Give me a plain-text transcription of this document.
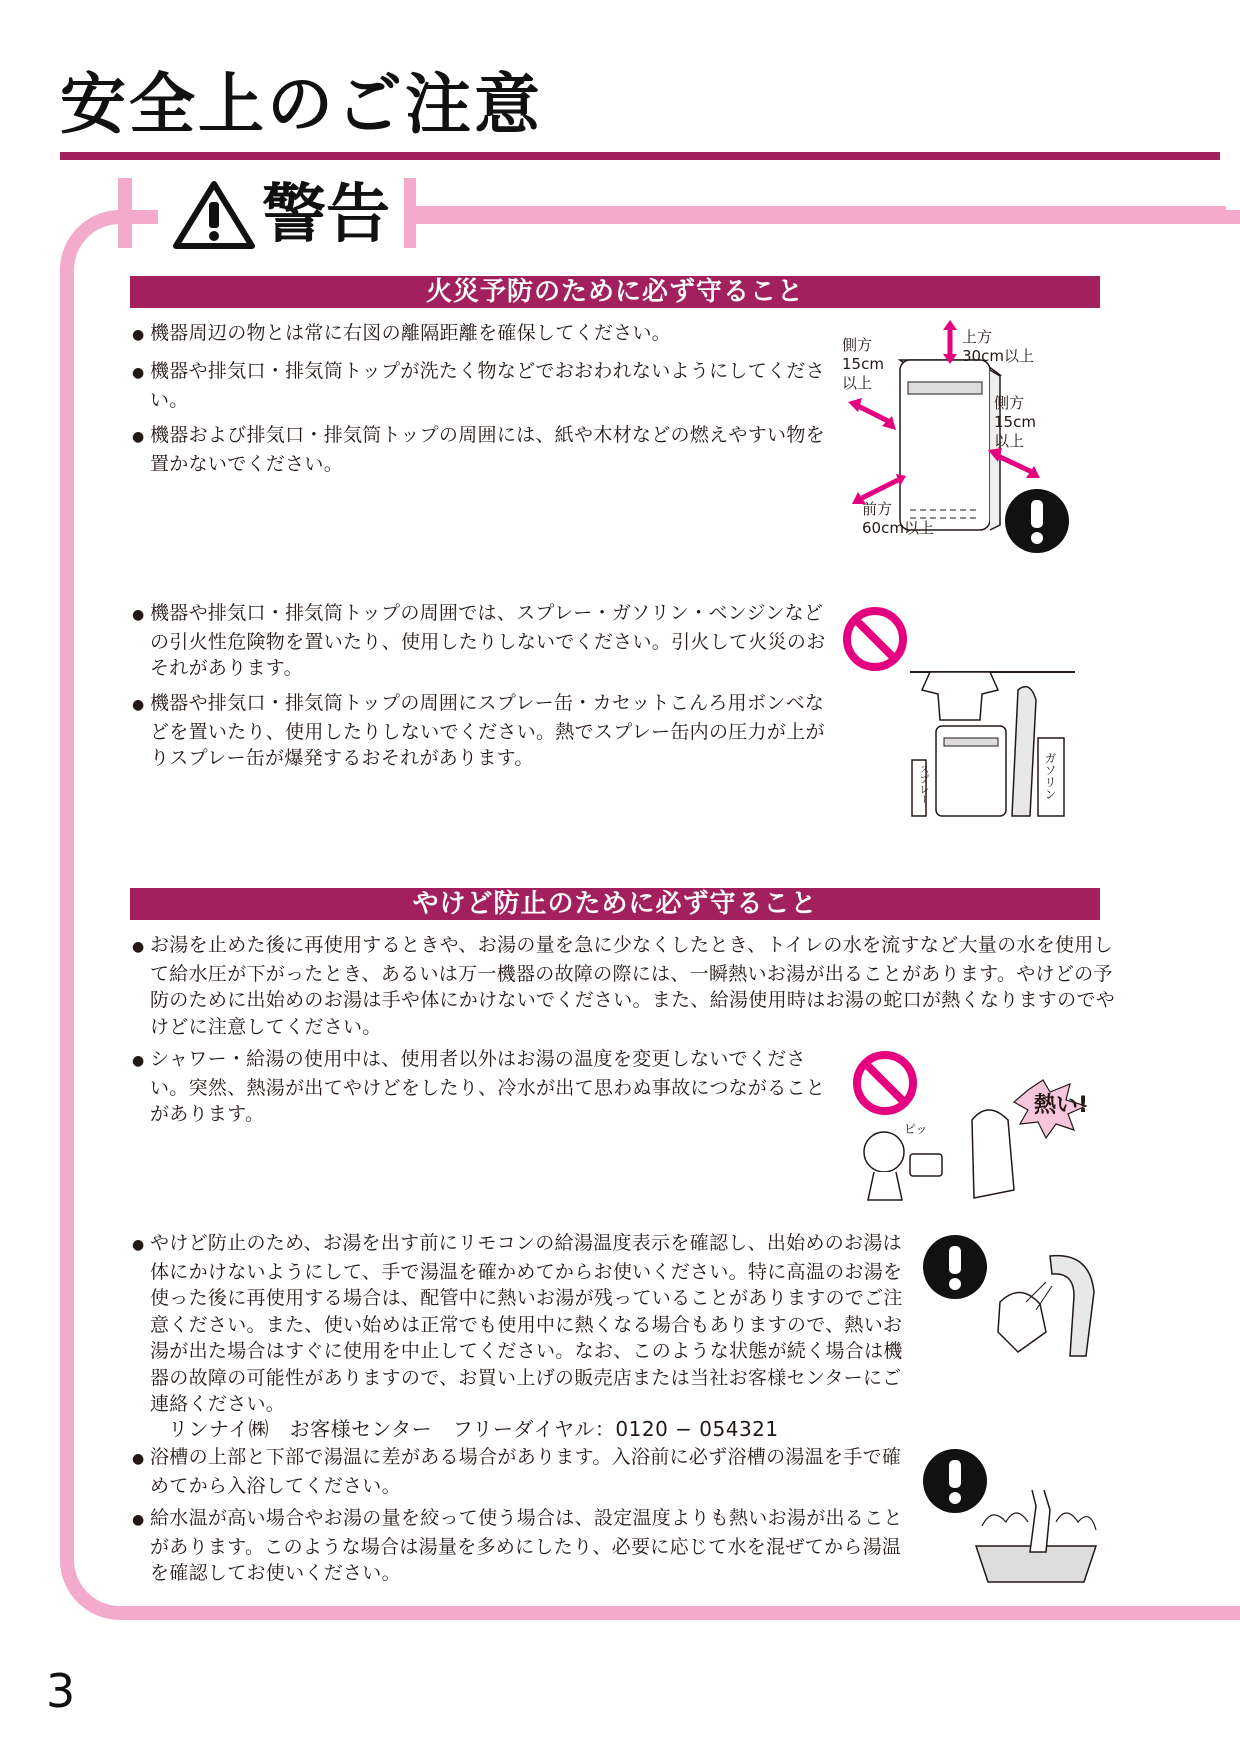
安全上のご注意
警告
火災予防のために必ず守ること
● 機器周辺の物とは常に右図の離隔距離を確保してください。
● 機器や排気口・排気筒トップが洗たく物などでおおわれないようにしてください。
● 機器および排気口・排気筒トップの周囲には、紙や木材などの燃えやすい物を置かないでください。
側方
15cm
以上
上方
30cm以上
側方
15cm
以上
前方
60cm以上
● 機器や排気口・排気筒トップの周囲では、スプレー・ガソリン・ベンジンなどの引火性危険物を置いたり、使用したりしないでください。引火して火災のおそれがあります。
● 機器や排気口・排気筒トップの周囲にスプレー缶・カセットこんろ用ボンベなどを置いたり、使用したりしないでください。熱でスプレー缶内の圧力が上がりスプレー缶が爆発するおそれがあります。	ガソリン
スプレー
やけど防止のために必ず守ること
● お湯を止めた後に再使用するときや、お湯の量を急に少なくしたとき、トイレの水を流すなど大量の水を使用して給水圧が下がったとき、あるいは万一機器の故障の際には、一瞬熱いお湯が出ることがあります。やけどの予防のために出始めのお湯は手や体にかけないでください。また、給湯使用時はお湯の蛇口が熱くなりますのでやけどに注意してください。
● シャワー・給湯の使用中は、使用者以外はお湯の温度を変更しないでください。突然、熱湯が出てやけどをしたり、冷水が出て思わぬ事故につながることがあります。	熱い!
ピッ
● やけど防止のため、お湯を出す前にリモコンの給湯温度表示を確認し、出始めのお湯は体にかけないようにして、手で湯温を確かめてからお使いください。特に高温のお湯を使った後に再使用する場合は、配管中に熱いお湯が残っていることがありますのでご注意ください。また、使い始めは正常でも使用中に熱くなる場合もありますので、熱いお湯が出た場合はすぐに使用を中止してください。なお、このような状態が続く場合は機器の故障の可能性がありますので、お買い上げの販売店または当社お客様センターにご連絡ください。
リンナイ㈱　お客様センター　フリーダイヤル：0120 − 054321
● 浴槽の上部と下部で湯温に差がある場合があります。入浴前に必ず浴槽の湯温を手で確めてから入浴してください。
● 給水温が高い場合やお湯の量を絞って使う場合は、設定温度よりも熱いお湯が出ることがあります。このような場合は湯量を多めにしたり、必要に応じて水を混ぜてから湯温を確認してお使いください。
3
